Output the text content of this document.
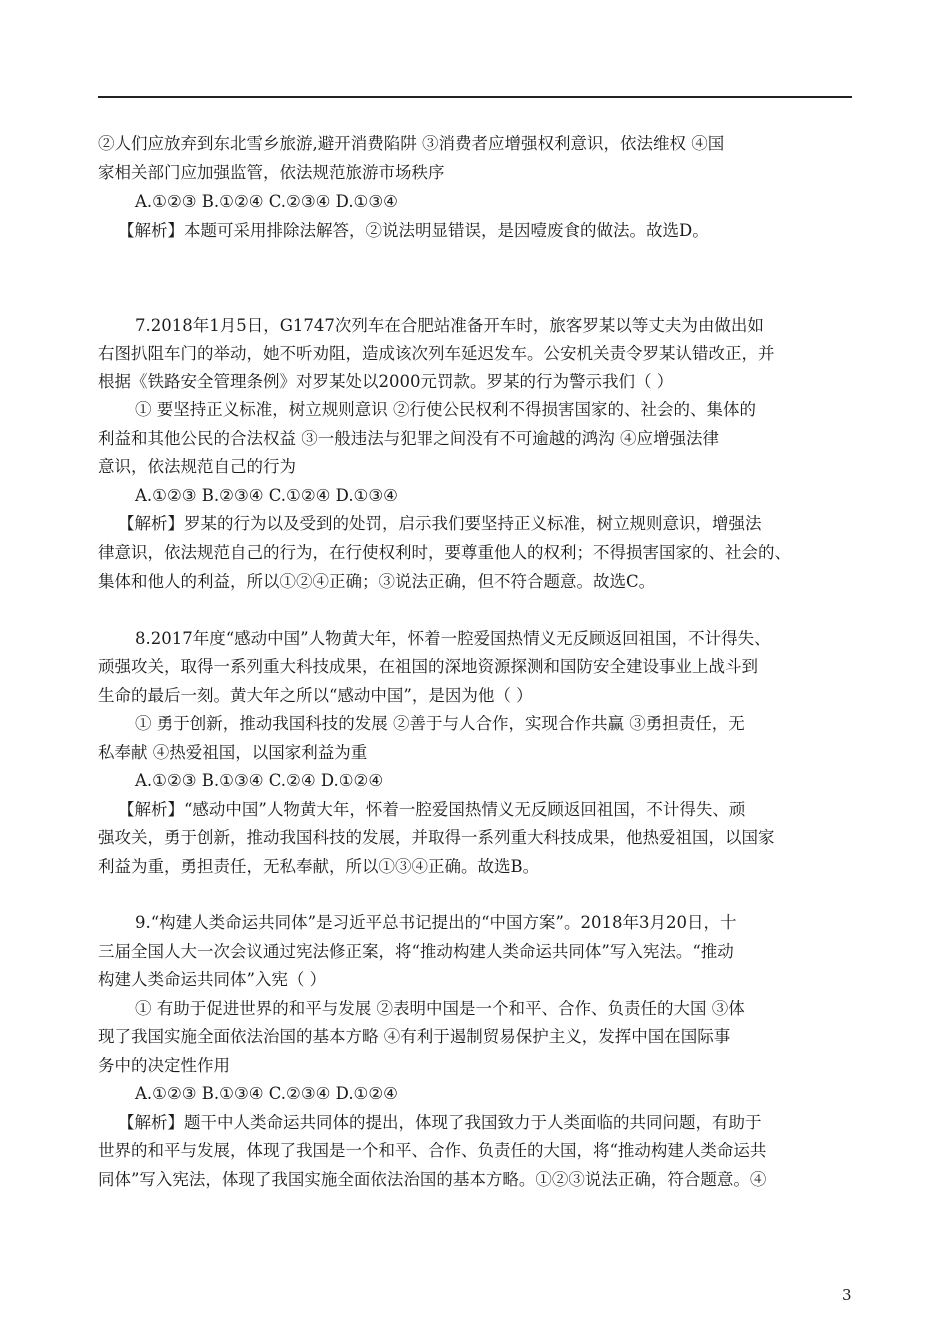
②人们应放弃到东北雪乡旅游,避开消费陷阱 ③消费者应增强权利意识，依法维权 ④国
家相关部门应加强监管，依法规范旅游市场秩序
A.①②③ B.①②④ C.②③④ D.①③④
【解析】本题可采用排除法解答，②说法明显错误，是因噎废食的做法。故选D。
7.2018年1月5日，G1747次列车在合肥站准备开车时，旅客罗某以等丈夫为由做出如
右图扒阻车门的举动，她不听劝阻，造成该次列车延迟发车。公安机关责令罗某认错改正，并
根据《铁路安全管理条例》对罗某处以2000元罚款。罗某的行为警示我们（ ）
① 要坚持正义标准，树立规则意识 ②行使公民权利不得损害国家的、社会的、集体的
利益和其他公民的合法权益 ③一般违法与犯罪之间没有不可逾越的鸿沟 ④应增强法律
意识，依法规范自己的行为
A.①②③ B.②③④ C.①②④ D.①③④
【解析】罗某的行为以及受到的处罚，启示我们要坚持正义标准，树立规则意识，增强法
律意识，依法规范自己的行为，在行使权利时，要尊重他人的权利；不得损害国家的、社会的、
集体和他人的利益，所以①②④正确；③说法正确，但不符合题意。故选C。
8.2017年度“感动中国”人物黄大年，怀着一腔爱国热情义无反顾返回祖国，不计得失、
顽强攻关，取得一系列重大科技成果，在祖国的深地资源探测和国防安全建设事业上战斗到
生命的最后一刻。黄大年之所以“感动中国”，是因为他（ ）
① 勇于创新，推动我国科技的发展 ②善于与人合作，实现合作共赢 ③勇担责任，无
私奉献 ④热爱祖国，以国家利益为重
A.①②③ B.①③④ C.②④ D.①②④
【解析】“感动中国”人物黄大年，怀着一腔爱国热情义无反顾返回祖国，不计得失、顽
强攻关，勇于创新，推动我国科技的发展，并取得一系列重大科技成果，他热爱祖国，以国家
利益为重，勇担责任，无私奉献，所以①③④正确。故选B。
9.“构建人类命运共同体”是习近平总书记提出的“中国方案”。2018年3月20日，十
三届全国人大一次会议通过宪法修正案，将“推动构建人类命运共同体”写入宪法。“推动
构建人类命运共同体”入宪（ ）
① 有助于促进世界的和平与发展 ②表明中国是一个和平、合作、负责任的大国 ③体
现了我国实施全面依法治国的基本方略 ④有利于遏制贸易保护主义，发挥中国在国际事
务中的决定性作用
A.①②③ B.①③④ C.②③④ D.①②④
【解析】题干中人类命运共同体的提出，体现了我国致力于人类面临的共同问题，有助于
世界的和平与发展，体现了我国是一个和平、合作、负责任的大国，将“推动构建人类命运共
同体”写入宪法，体现了我国实施全面依法治国的基本方略。①②③说法正确，符合题意。④
3
